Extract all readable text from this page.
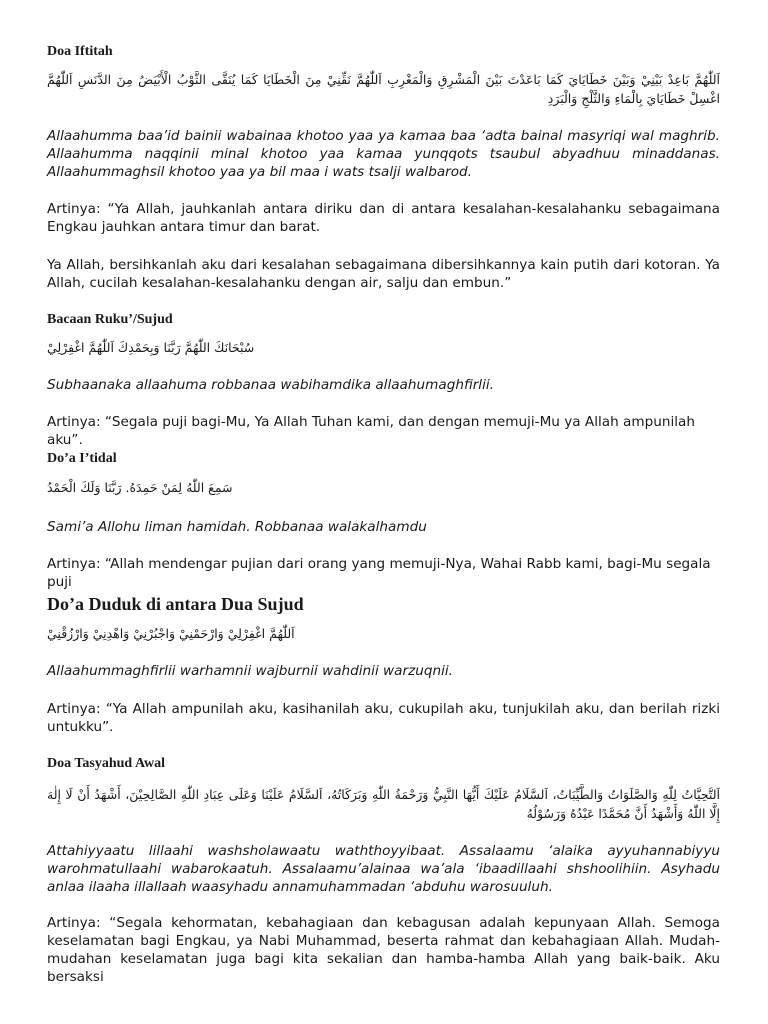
Doa Iftitah

اَللّٰهُمَّ بَاعِدْ بَيْنِيْ وَبَيْنَ خَطَايَايَ كَمَا بَاعَدْتَ بَيْنَ الْمَشْرِقِ وَالْمَغْرِبِ اَللّٰهُمَّ نَقِّنِيْ مِنَ الْخَطَايَا كَمَا يُنَقَّى الثَّوْبُ الْأَبْيَضُ مِنَ الدَّنَسِ اَللّٰهُمَّ اغْسِلْ خَطَايَايَ بِالْمَاءِ وَالثَّلْجِ وَالْبَرَدِ

Allaahumma baa’id bainii wabainaa khotoo yaa ya kamaa baa ‘adta bainal masyriqi wal maghrib. Allaahumma naqqinii minal khotoo yaa kamaa yunqqots tsaubul abyadhuu minaddanas. Allaahummaghsil khotoo yaa ya bil maa i wats tsalji walbarod.

Artinya: “Ya Allah, jauhkanlah antara diriku dan di antara kesalahan-kesalahanku sebagaimana Engkau jauhkan antara timur dan barat.

Ya Allah, bersihkanlah aku dari kesalahan sebagaimana dibersihkannya kain putih dari kotoran. Ya Allah, cucilah kesalahan-kesalahanku dengan air, salju dan embun.”

Bacaan Ruku’/Sujud

سُبْحَانَكَ اللّٰهُمَّ رَبَّنَا وَبِحَمْدِكَ اَللّٰهُمَّ اغْفِرْلِيْ

Subhaanaka allaahuma robbanaa wabihamdika allaahumaghfirlii.

Artinya: “Segala puji bagi-Mu, Ya Allah Tuhan kami, dan dengan memuji-Mu ya Allah ampunilah aku”.

Do’a I’tidal

سَمِعَ اللّٰهُ لِمَنْ حَمِدَهُ. رَبَّنَا وَلَكَ الْحَمْدُ

Sami’a Allohu liman hamidah. Robbanaa walakalhamdu

Artinya: “Allah mendengar pujian dari orang yang memuji-Nya, Wahai Rabb kami, bagi-Mu segala puji

Do’a Duduk di antara Dua Sujud

اَللّٰهُمَّ اغْفِرْلِيْ وَارْحَمْنِيْ وَاجْبُرْنِيْ وَاهْدِنِيْ وَارْزُقْنِيْ

Allaahummaghfirlii warhamnii wajburnii wahdinii warzuqnii.

Artinya: “Ya Allah ampunilah aku, kasihanilah aku, cukupilah aku, tunjukilah aku, dan berilah rizki untukku”.

Doa Tasyahud Awal

اَلتَّحِيَّاتُ لِلّٰهِ وَالصَّلَوَاتُ وَالطَّيِّبَاتُ، اَلسَّلَامُ عَلَيْكَ أَيُّهَا النَّبِيُّ وَرَحْمَةُ اللّٰهِ وَبَرَكَاتُهُ، اَلسَّلَامُ عَلَيْنَا وَعَلَى عِبَادِ اللّٰهِ الصَّالِحِيْنَ، أَشْهَدُ أَنْ لَا إِلٰهَ إِلَّا اللّٰهُ وَأَشْهَدُ أَنَّ مُحَمَّدًا عَبْدُهُ وَرَسُوْلُهُ

Attahiyyaatu lillaahi washsholawaatu waththoyyibaat. Assalaamu ‘alaika ayyuhannabiyyu warohmatullaahi wabarokaatuh. Assalaamu’alainaa wa’ala ‘ibaadillaahi shshoolihiin. Asyhadu anlaa ilaaha illallaah waasyhadu annamuhammadan ‘abduhu warosuuluh.

Artinya: “Segala kehormatan, kebahagiaan dan kebagusan adalah kepunyaan Allah. Semoga keselamatan bagi Engkau, ya Nabi Muhammad, beserta rahmat dan kebahagiaan Allah. Mudah-mudahan keselamatan juga bagi kita sekalian dan hamba-hamba Allah yang baik-baik. Aku bersaksi
